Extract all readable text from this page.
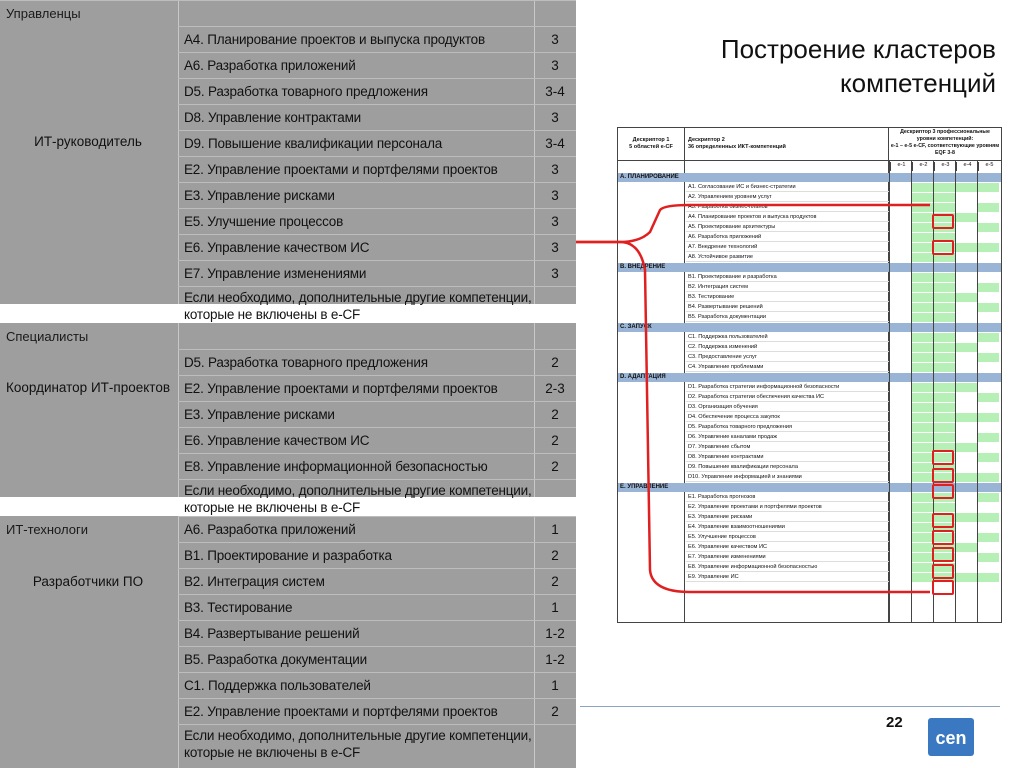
Управленцы
ИТ-руководитель
A4. Планирование проектов и выпуска продуктов	3
A6. Разработка приложений	3
D5. Разработка товарного предложения	3-4
D8. Управление контрактами	3
D9. Повышение квалификации персонала	3-4
E2. Управление проектами и портфелями проектов	3
E3. Управление рисками	3
E5. Улучшение процессов	3
E6. Управление качеством ИС	3
E7. Управление изменениями	3
Если необходимо, дополнительные другие компетенции,
которые не включены в e-CF
Специалисты
Координатор ИТ-проектов
D5. Разработка товарного предложения	2
E2. Управление проектами и портфелями проектов	2-3
E3. Управление рисками	2
E6. Управление качеством ИС	2
E8. Управление информационной безопасностью	2
Если необходимо, дополнительные другие компетенции,
которые не включены в e-CF
ИТ-технологи
Разработчики ПО
A6. Разработка приложений	1
B1. Проектирование и разработка	2
B2. Интеграция систем	2
B3. Тестирование	1
B4. Развертывание решений	1-2
B5. Разработка документации	1-2
C1. Поддержка пользователей	1
E2. Управление проектами и портфелями проектов	2
Если необходимо, дополнительные другие компетенции,
которые не включены в e-CF
Построение кластеров
компетенций
Дескриптор 1
5 областей e-CF
Дескриптор 2
36 определенных ИКТ-компетенций
Дескриптор 3 профессиональные уровни компетенций:
e-1 – e-5 e-CF, соответствующие уровням EQF 3-8
e-1	e-2	e-3	e-4	e-5
A. ПЛАНИРОВАНИЕ
A1. Согласование ИС и бизнес-стратегии
A2. Управлением уровнем услуг
A3. Разработка бизнес-планов
A4. Планирование проектов и выпуска продуктов
A5. Проектирование архитектуры
A6. Разработка приложений
A7. Внедрение технологий
A8. Устойчивое развитие
B. ВНЕДРЕНИЕ
B1. Проектирование и разработка
B2. Интеграция систем
B3. Тестирование
B4. Развертывание решений
B5. Разработка документации
C. ЗАПУСК
C1. Поддержка пользователей
C2. Поддержка изменений
C3. Предоставление услуг
C4. Управление проблемами
D. АДАПТАЦИЯ
D1. Разработка стратегии информационной безопасности
D2. Разработка стратегии обеспечения качества ИС
D3. Организация обучения
D4. Обеспечение процесса закупок
D5. Разработка товарного предложения
D6. Управление каналами продаж
D7. Управление сбытом
D8. Управление контрактами
D9. Повышение квалификации персонала
D10. Управление информацией и знаниями
E. УПРАВЛЕНИЕ
E1. Разработка прогнозов
E2. Управление проектами и портфелями проектов
E3. Управление рисками
E4. Управление взаимоотношениями
E5. Улучшение процессов
E6. Управление качеством ИС
E7. Управление изменениями
E8. Управление информационной безопасностью
E9. Управление ИС
22
cen
